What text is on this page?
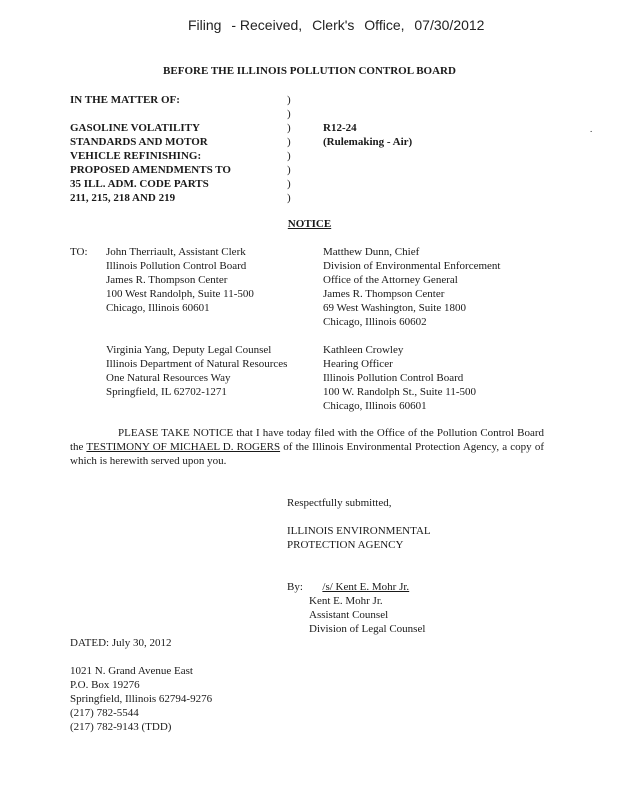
Filing - Received, Clerk's Office, 07/30/2012
BEFORE THE ILLINOIS POLLUTION CONTROL BOARD
IN THE MATTER OF:
GASOLINE VOLATILITY
STANDARDS AND MOTOR
VEHICLE REFINISHING:
PROPOSED AMENDMENTS TO
35 ILL. ADM. CODE PARTS
211, 215, 218 AND 219
)
)
)
)
)
)
)
)
R12-24
(Rulemaking - Air)
.
NOTICE
TO: John Therriault, Assistant Clerk
Illinois Pollution Control Board
James R. Thompson Center
100 West Randolph, Suite 11-500
Chicago, Illinois 60601
Matthew Dunn, Chief
Division of Environmental Enforcement
Office of the Attorney General
James R. Thompson Center
69 West Washington, Suite 1800
Chicago, Illinois 60602
Virginia Yang, Deputy Legal Counsel
Illinois Department of Natural Resources
One Natural Resources Way
Springfield, IL 62702-1271
Kathleen Crowley
Hearing Officer
Illinois Pollution Control Board
100 W. Randolph St., Suite 11-500
Chicago, Illinois 60601
PLEASE TAKE NOTICE that I have today filed with the Office of the Pollution Control Board the TESTIMONY OF MICHAEL D. ROGERS of the Illinois Environmental Protection Agency, a copy of which is herewith served upon you.
Respectfully submitted,
ILLINOIS ENVIRONMENTAL
PROTECTION AGENCY
By: /s/ Kent E. Mohr Jr.
Kent E. Mohr Jr.
Assistant Counsel
Division of Legal Counsel
DATED: July 30, 2012
1021 N. Grand Avenue East
P.O. Box 19276
Springfield, Illinois 62794-9276
(217) 782-5544
(217) 782-9143 (TDD)
